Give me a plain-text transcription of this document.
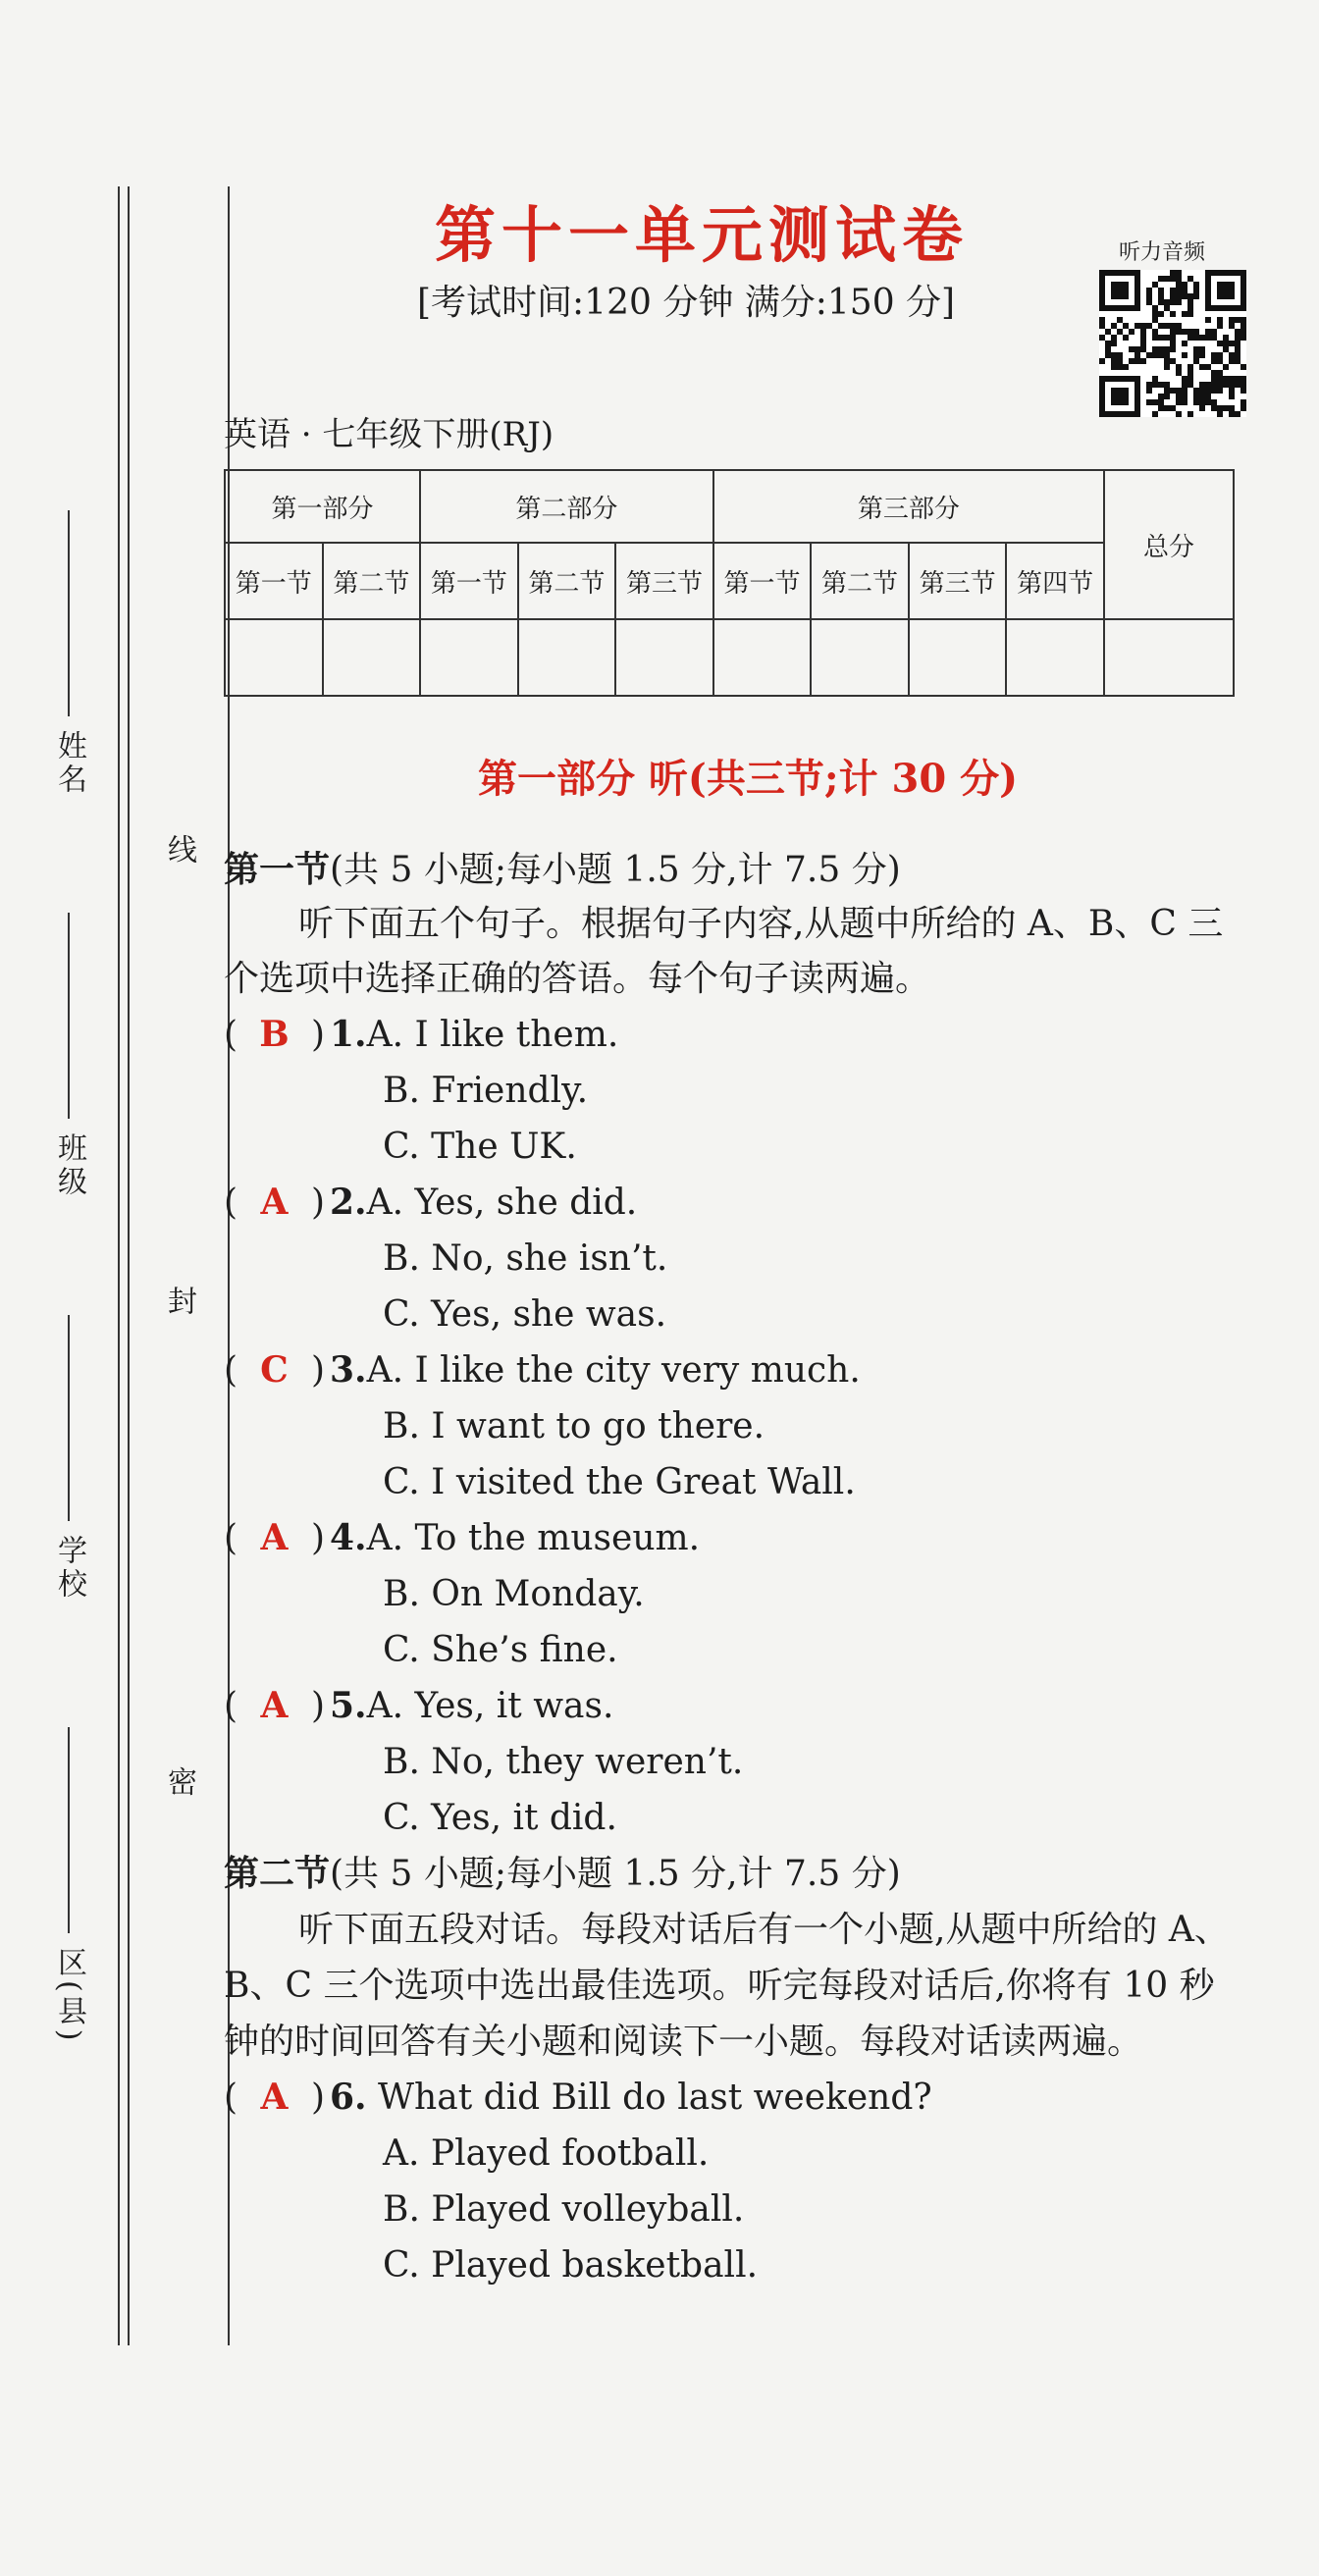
姓名
班级
学校
区(县)
线
封
密
第十一单元测试卷
[考试时间:120 分钟 满分:150 分]
听力音频
英语 · 七年级下册(RJ)
第一部分		第二部分			第三部分				总分
第一节	第二节	第一节	第二节	第三节	第一节	第二节	第三节	第四节	

第一部分 听(共三节;计 30 分)
第一节(共 5 小题;每小题 1.5 分,计 7.5 分)
听下面五个句子。根据句子内容,从题中所给的 A、B、C 三个选项中选择正确的答语。每个句子读两遍。
( B ) 1.A. I like them.
B. Friendly.
C. The UK.
( A ) 2.A. Yes, she did.
B. No, she isn’t.
C. Yes, she was.
( C ) 3.A. I like the city very much.
B. I want to go there.
C. I visited the Great Wall.
( A ) 4.A. To the museum.
B. On Monday.
C. She’s fine.
( A ) 5.A. Yes, it was.
B. No, they weren’t.
C. Yes, it did.
第二节(共 5 小题;每小题 1.5 分,计 7.5 分)
听下面五段对话。每段对话后有一个小题,从题中所给的 A、B、C 三个选项中选出最佳选项。听完每段对话后,你将有 10 秒钟的时间回答有关小题和阅读下一小题。每段对话读两遍。
( A ) 6. What did Bill do last weekend?
A. Played football.
B. Played volleyball.
C. Played basketball.
